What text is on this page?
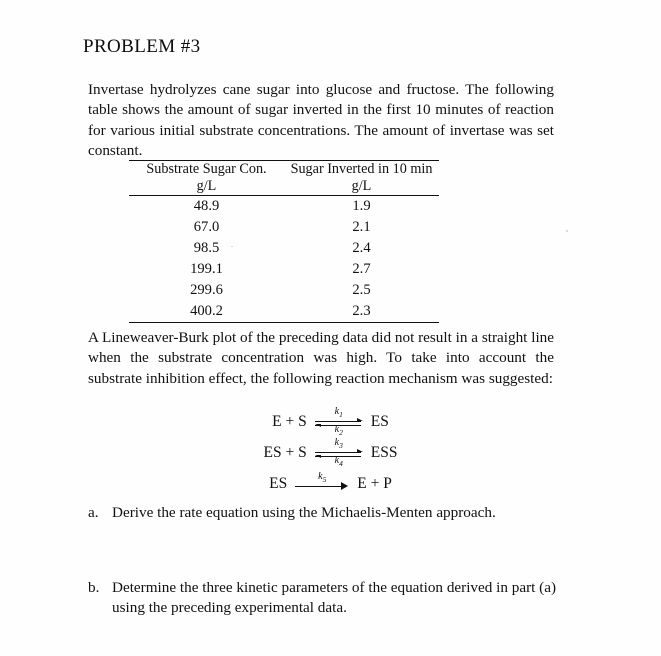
PROBLEM #3
Invertase hydrolyzes cane sugar into glucose and fructose. The following table shows the amount of sugar inverted in the first 10 minutes of reaction for various initial substrate concentrations. The amount of invertase was set constant.

Substrate Sugar Con.	Sugar Inverted in 10 min
g/L	g/L

48.9	1.9
67.0	2.1
98.5	2.4
199.1	2.7
299.6	2.5
400.2	2.3

A Lineweaver-Burk plot of the preceding data did not result in a straight line when the substrate concentration was high. To take into account the substrate inhibition effect, the following reaction mechanism was suggested:
E + S
$k_1$
$k_2$
ES
ES + S
$k_3$
$k_4$
ESS
ES	$k_5$	E + P
a. Derive the rate equation using the Michaelis-Menten approach.
b. Determine the three kinetic parameters of the equation derived in part (a) using the preceding experimental data.
